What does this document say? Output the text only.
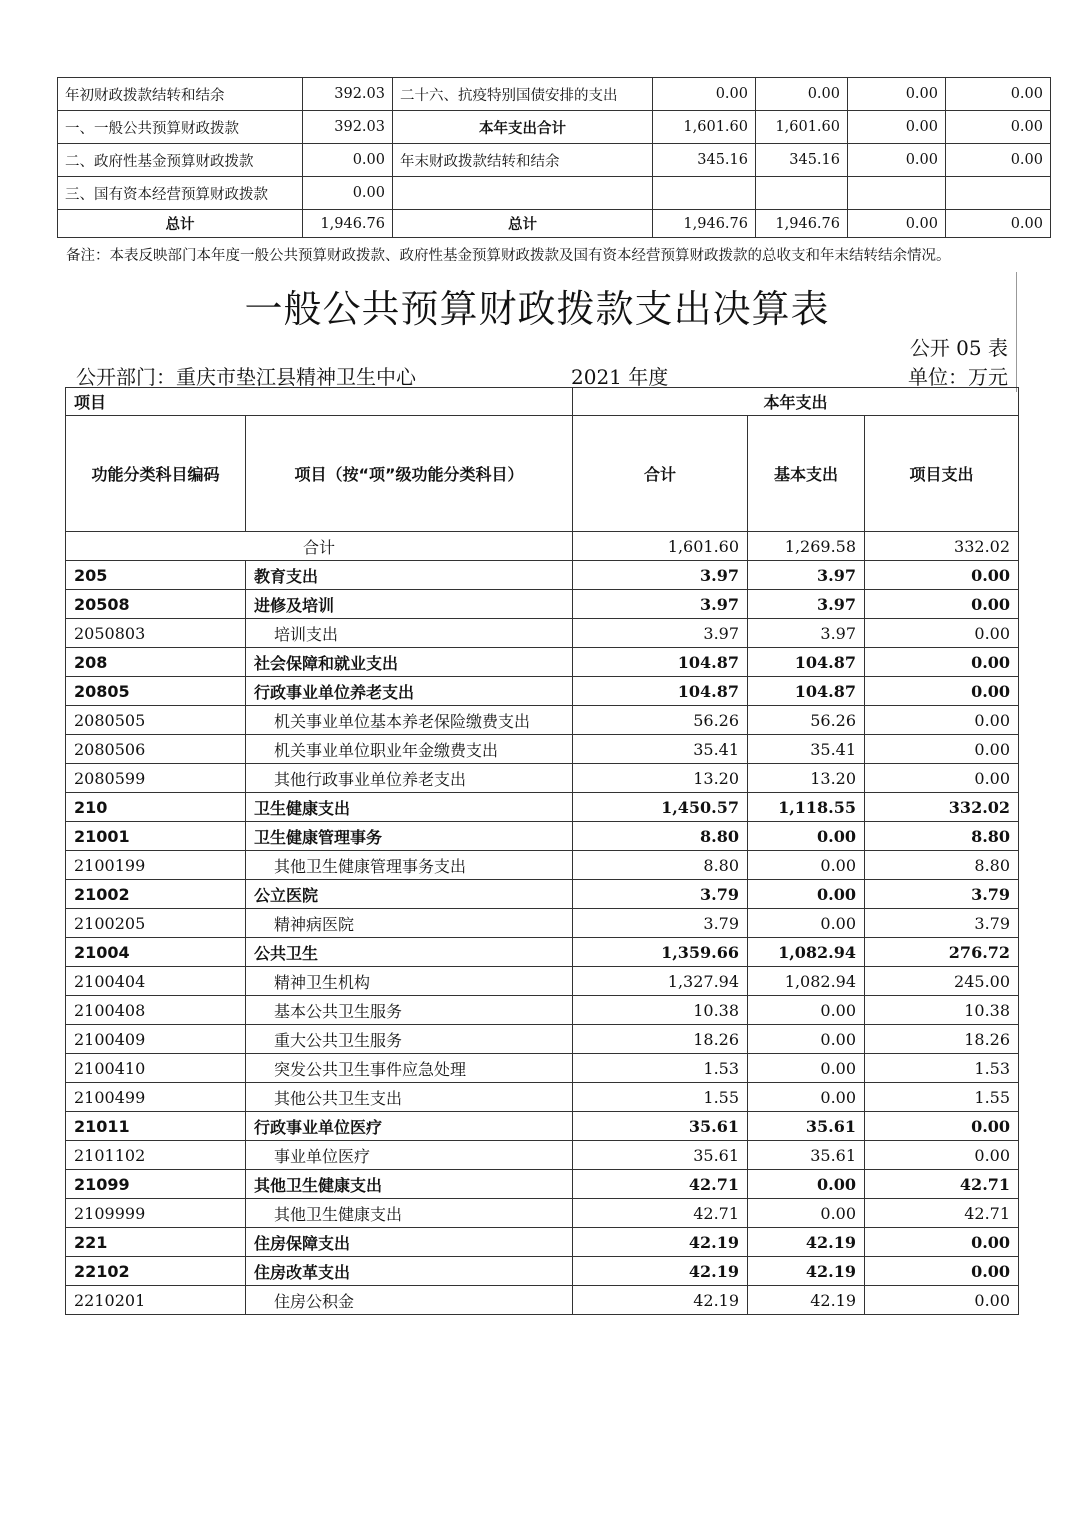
年初财政拨款结转和结余	392.03	二十六、抗疫特别国债安排的支出	0.00	0.00	0.00	0.00
一、一般公共预算财政拨款	392.03	本年支出合计	1,601.60	1,601.60	0.00	0.00
二、政府性基金预算财政拨款	0.00	年末财政拨款结转和结余	345.16	345.16	0.00	0.00
三、国有资本经营预算财政拨款	0.00					
总计	1,946.76	总计	1,946.76	1,946.76	0.00	0.00
备注：本表反映部门本年度一般公共预算财政拨款、政府性基金预算财政拨款及国有资本经营预算财政拨款的总收支和年末结转结余情况。
一般公共预算财政拨款支出决算表
公开 05 表
公开部门：重庆市垫江县精神卫生中心	2021 年度	单位：万元
项目		本年支出		
功能分类科目编码	项目（按“项”级功能分类科目）	合计	基本支出	项目支出
合计		1,601.60	1,269.58	332.02
205	教育支出	3.97	3.97	0.00
20508	进修及培训	3.97	3.97	0.00
2050803	培训支出	3.97	3.97	0.00
208	社会保障和就业支出	104.87	104.87	0.00
20805	行政事业单位养老支出	104.87	104.87	0.00
2080505	机关事业单位基本养老保险缴费支出	56.26	56.26	0.00
2080506	机关事业单位职业年金缴费支出	35.41	35.41	0.00
2080599	其他行政事业单位养老支出	13.20	13.20	0.00
210	卫生健康支出	1,450.57	1,118.55	332.02
21001	卫生健康管理事务	8.80	0.00	8.80
2100199	其他卫生健康管理事务支出	8.80	0.00	8.80
21002	公立医院	3.79	0.00	3.79
2100205	精神病医院	3.79	0.00	3.79
21004	公共卫生	1,359.66	1,082.94	276.72
2100404	精神卫生机构	1,327.94	1,082.94	245.00
2100408	基本公共卫生服务	10.38	0.00	10.38
2100409	重大公共卫生服务	18.26	0.00	18.26
2100410	突发公共卫生事件应急处理	1.53	0.00	1.53
2100499	其他公共卫生支出	1.55	0.00	1.55
21011	行政事业单位医疗	35.61	35.61	0.00
2101102	事业单位医疗	35.61	35.61	0.00
21099	其他卫生健康支出	42.71	0.00	42.71
2109999	其他卫生健康支出	42.71	0.00	42.71
221	住房保障支出	42.19	42.19	0.00
22102	住房改革支出	42.19	42.19	0.00
2210201	住房公积金	42.19	42.19	0.00
